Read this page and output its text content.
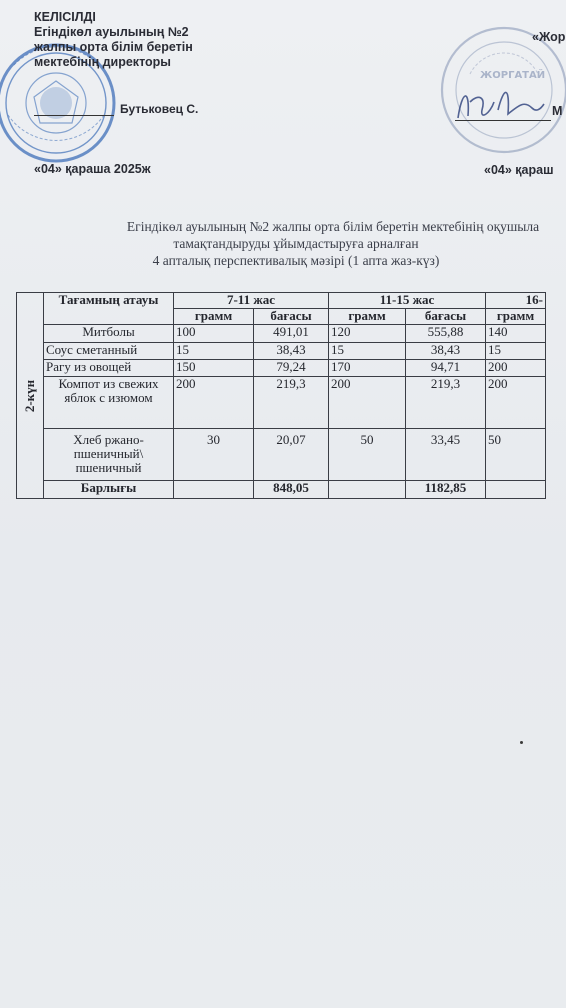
ЖОРГАТАЙ
КЕЛІСІЛДІ
Егіндікөл ауылының №2
жалпы орта білім беретін
мектебінің директоры
Бутьковец С.
«04» қараша 2025ж
«Жор
М
«04» қараш
Егіндікөл ауылының №2 жалпы орта білім беретін мектебінің оқушыла
тамақтандыруды ұйымдастыруға арналған
4 апталық перспективалық мәзірі (1 апта жаз-күз)
2-күн	Тағамның атауы	7-11 жас		11-15 жас		16-
		грамм	бағасы	грамм	бағасы	грамм
	Митболы	100	491,01	120	555,88	140
	Соус сметанный	15	38,43	15	38,43	15
	Рагу из овощей	150	79,24	170	94,71	200
	Компот из свежих яблок с изюмом	200	219,3	200	219,3	200
	Хлеб ржано-пшеничный\ пшеничный	30	20,07	50	33,45	50
	Барлығы		848,05		1182,85	
